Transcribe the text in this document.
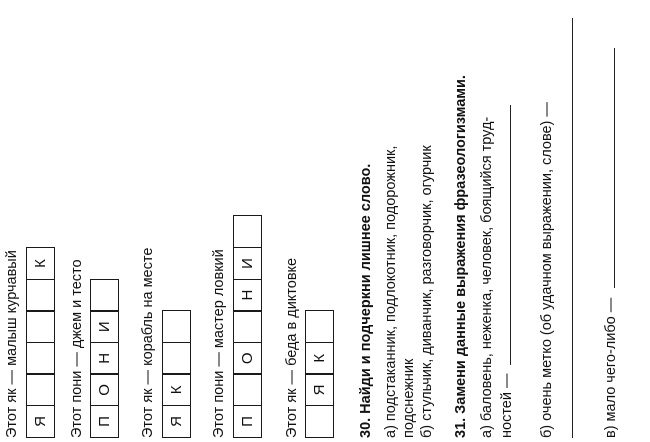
Этот як — малыш курчавый Я
К	Этот пони — джем и тесто П
О
Н
И	Этот як — корабль на месте Я
К	Этот пони — мастер ловкий П
О
Н
И	Этот як — беда в диктовке Я
К	30. Найди и подчеркни лишнее слово. а) подстаканник, подлокотник, подорожник, подснежник б) стульчик, диванчик, разговорчик, огурчик 31. Замени данные выражения фразеологизмами. а) баловень, неженка, человек, боящийся труд- ностей — б) очень метко (об удачном выражении, слове) —	в) мало чего-либо —
